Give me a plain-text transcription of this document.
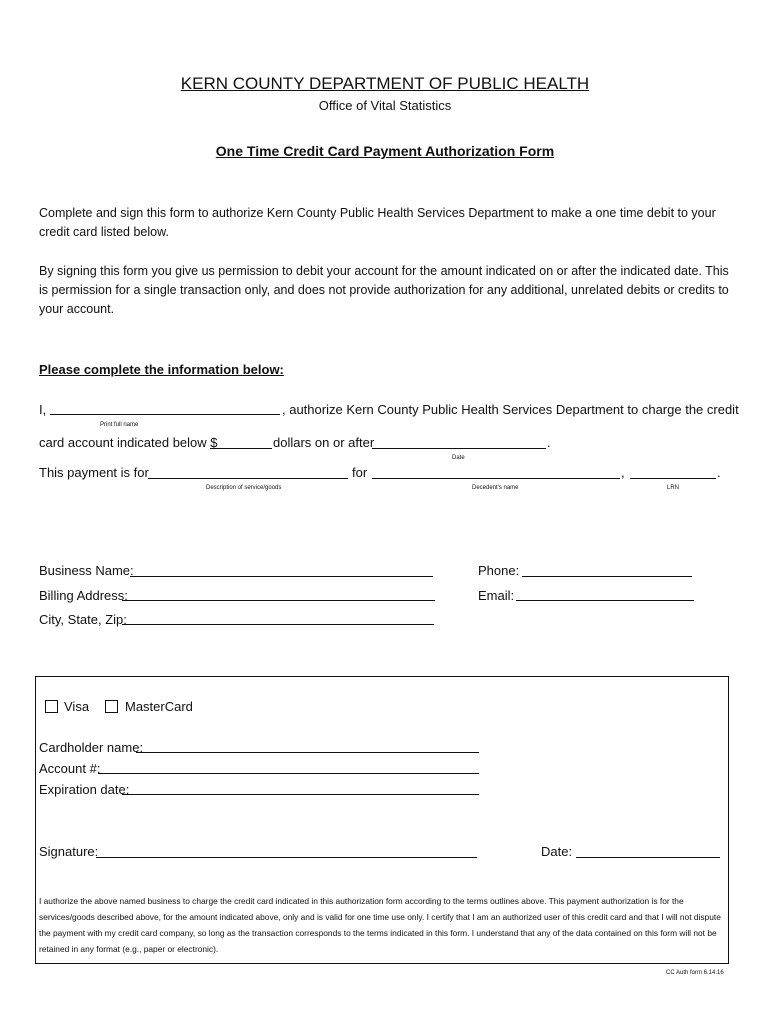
KERN COUNTY DEPARTMENT OF PUBLIC HEALTH
Office of Vital Statistics
One Time Credit Card Payment Authorization Form
Complete and sign this form to authorize Kern County Public Health Services Department to make a one time debit to your credit card listed below.
By signing this form you give us permission to debit your account for the amount indicated on or after the indicated date. This is permission for a single transaction only, and does not provide authorization for any additional, unrelated debits or credits to your account.
Please complete the information below:
I,	, authorize Kern County Public Health Services Department to charge the credit
Print full name
card account indicated below $	dollars on or after	.
Date
This payment is for	for	,	.
Description of service/goods	Decedent's name	LRN
Business Name:	Phone:
Billing Address:	Email:
City, State, Zip:
Visa	MasterCard
Cardholder name:
Account #:
Expiration date:
Signature:	Date:
I authorize the above named business to charge the credit card indicated in this authorization form according to the terms outlines above. This payment authorization is for the services/goods described above, for the amount indicated above, only and is valid for one time use only. I certify that I am an authorized user of this credit card and that I will not dispute the payment with my credit card company, so long as the transaction corresponds to the terms indicated in this form. I understand that any of the data contained on this form will not be retained in any format (e.g., paper or electronic).
CC Auth form 6.14.16
